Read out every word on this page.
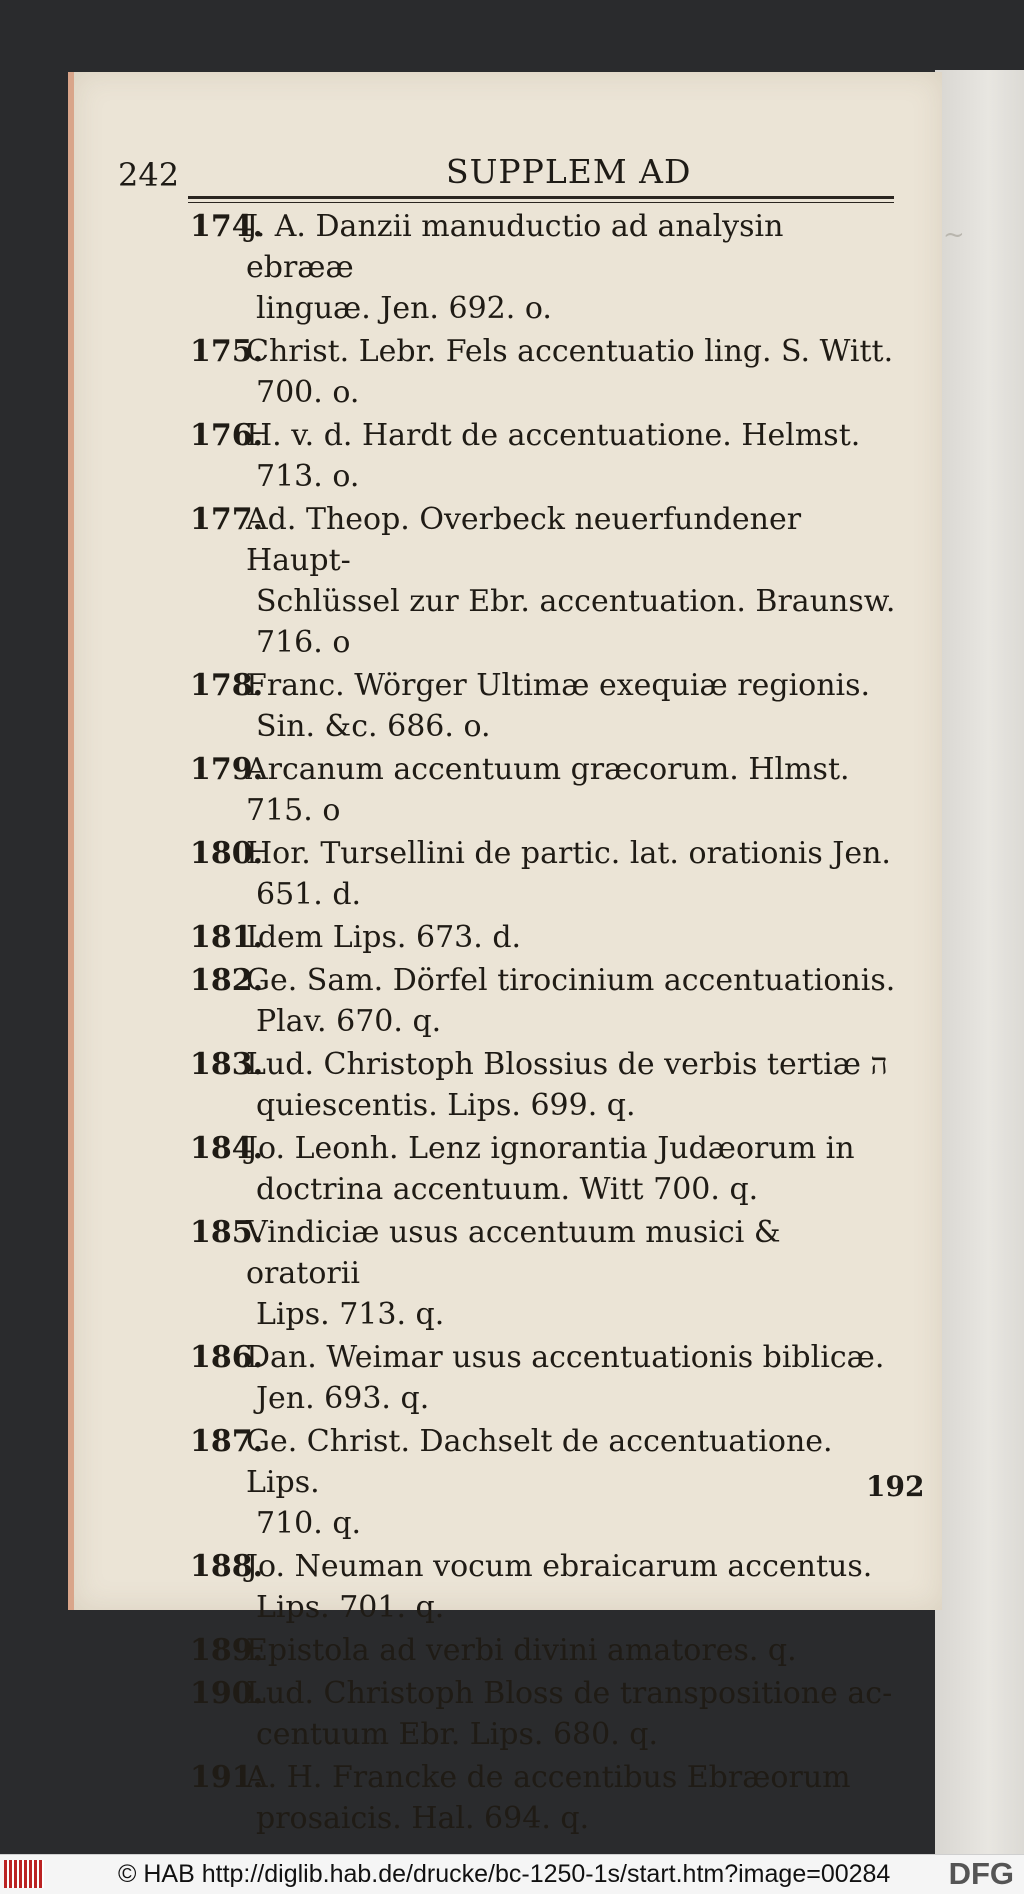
~
242	SUPPLEM AD
174.
J. A. Danzii manuductio ad analysin ebrææ
linguæ. Jen. 692. o.
175.
Christ. Lebr. Fels accentuatio ling. S. Witt.
700. o.
176.
H. v. d. Hardt de accentuatione. Helmst.
713. o.
177.
Ad. Theop. Overbeck neuerfundener Haupt-
Schlüssel zur Ebr. accentuation. Braunsw. 716. o
178.
Franc. Wörger Ultimæ exequiæ regionis.
Sin. &c. 686. o.
179.
Arcanum accentuum græcorum. Hlmst. 715. o
180.
Hor. Tursellini de partic. lat. orationis Jen.
651. d.
181.
Idem Lips. 673. d.
182.
Ge. Sam. Dörfel tirocinium accentuationis.
Plav. 670. q.
183.
Lud. Christoph Blossius de verbis tertiæ ה
quiescentis. Lips. 699. q.
184.
Jo. Leonh. Lenz ignorantia Judæorum in
doctrina accentuum. Witt 700. q.
185.
Vindiciæ usus accentuum musici & oratorii
Lips. 713. q.
186.
Dan. Weimar usus accentuationis biblicæ.
Jen. 693. q.
187.
Ge. Christ. Dachselt de accentuatione. Lips.
710. q.
188.
Jo. Neuman vocum ebraicarum accentus.
Lips. 701. q.
189.
Epistola ad verbi divini amatores. q.
190.
Lud. Christoph Bloss de transpositione ac-
centuum Ebr. Lips. 680. q.
191.
A. H. Francke de accentibus Ebræorum
prosaicis. Hal. 694. q.
192
© HAB http://diglib.hab.de/drucke/bc-1250-1s/start.htm?image=00284 DFG
